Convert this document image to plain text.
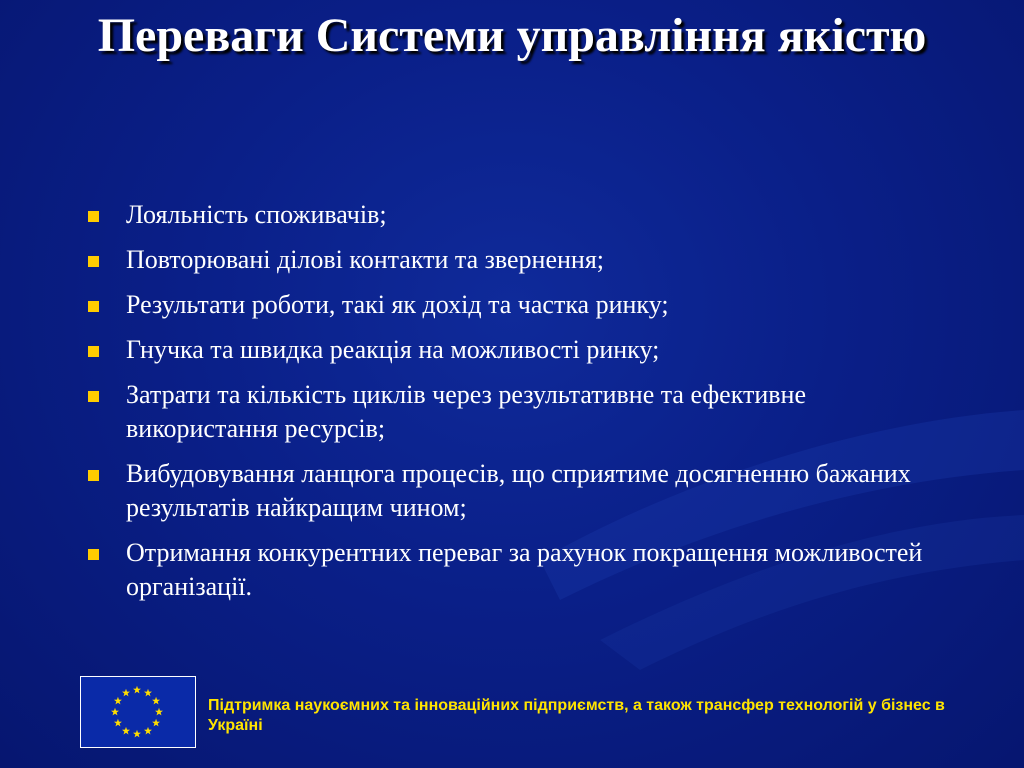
Переваги Системи управління якістю
Лояльність споживачів;
Повторювані ділові контакти та звернення;
Результати роботи, такі як дохід та частка ринку;
Гнучка та швидка реакція на можливості ринку;
Затрати та кількість циклів через результативне та ефективне використання ресурсів;
Вибудовування ланцюга процесів, що сприятиме досягненню бажаних результатів найкращим чином;
Отримання конкурентних переваг за рахунок покращення можливостей організації.
Підтримка наукоємних та інноваційних підприємств, а також трансфер технологій у бізнес в Україні
